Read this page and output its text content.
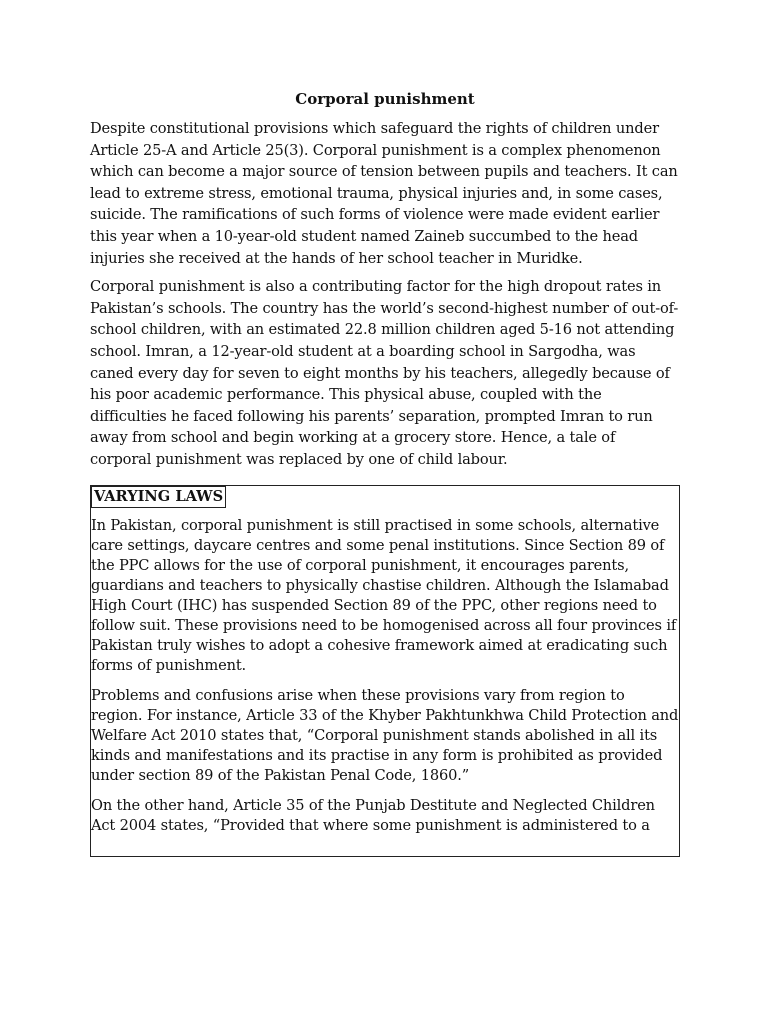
Corporal punishment

Despite constitutional provisions which safeguard the rights of children under Article 25-A and Article 25(3). Corporal punishment is a complex phenomenon which can become a major source of tension between pupils and teachers. It can lead to extreme stress, emotional trauma, physical injuries and, in some cases, suicide. The ramifications of such forms of violence were made evident earlier this year when a 10-year-old student named Zaineb succumbed to the head injuries she received at the hands of her school teacher in Muridke.

Corporal punishment is also a contributing factor for the high dropout rates in Pakistan’s schools. The country has the world’s second-highest number of out-of-school children, with an estimated 22.8 million children aged 5-16 not attending school. Imran, a 12-year-old student at a boarding school in Sargodha, was caned every day for seven to eight months by his teachers, allegedly because of his poor academic performance. This physical abuse, coupled with the difficulties he faced following his parents’ separation, prompted Imran to run away from school and begin working at a grocery store. Hence, a tale of corporal punishment was replaced by one of child labour.

VARYING LAWS

In Pakistan, corporal punishment is still practised in some schools, alternative care settings, daycare centres and some penal institutions. Since Section 89 of the PPC allows for the use of corporal punishment, it encourages parents, guardians and teachers to physically chastise children. Although the Islamabad High Court (IHC) has suspended Section 89 of the PPC, other regions need to follow suit. These provisions need to be homogenised across all four provinces if Pakistan truly wishes to adopt a cohesive framework aimed at eradicating such forms of punishment.

Problems and confusions arise when these provisions vary from region to region. For instance, Article 33 of the Khyber Pakhtunkhwa Child Protection and Welfare Act 2010 states that, “Corporal punishment stands abolished in all its kinds and manifestations and its practise in any form is prohibited as provided under section 89 of the Pakistan Penal Code, 1860.”

On the other hand, Article 35 of the Punjab Destitute and Neglected Children Act 2004 states, “Provided that where some punishment is administered to a
